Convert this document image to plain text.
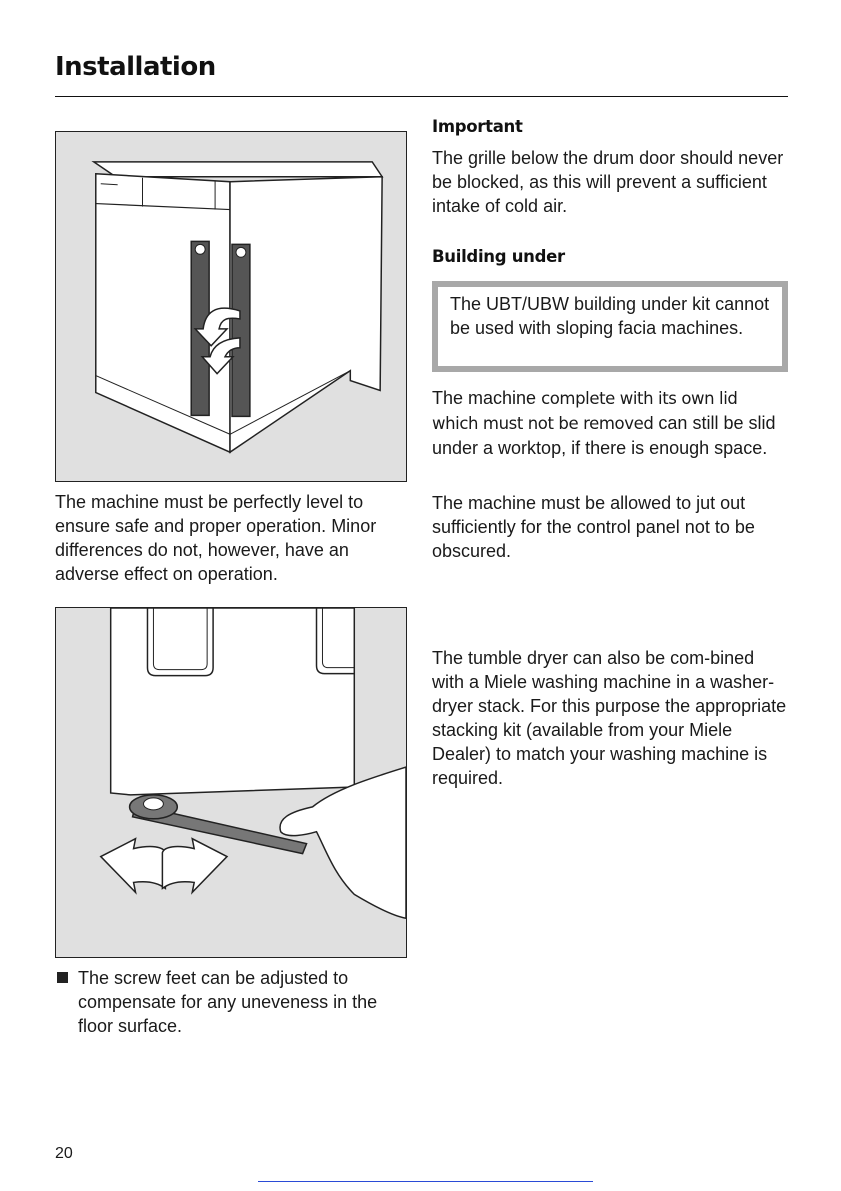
Installation

The machine must be perfectly level to ensure safe and proper operation. Minor differences do not, however, have an adverse effect on operation.

Important

The grille below the drum door should never be blocked, as this will prevent a sufficient intake of cold air.

Building under
The UBT/UBW building under kit cannot be used with sloping facia machines.

The machine complete with its own lid which must not be removed can still be slid under a worktop, if there is enough space.

The machine must be allowed to jut out sufficiently for the control panel not to be obscured.

The tumble dryer can also be com-bined with a Miele washing machine in a washer-dryer stack. For this purpose the appropriate stacking kit (available from your Miele Dealer) to match your washing machine is required.

The screw feet can be adjusted to compensate for any uneveness in the floor surface.
20
